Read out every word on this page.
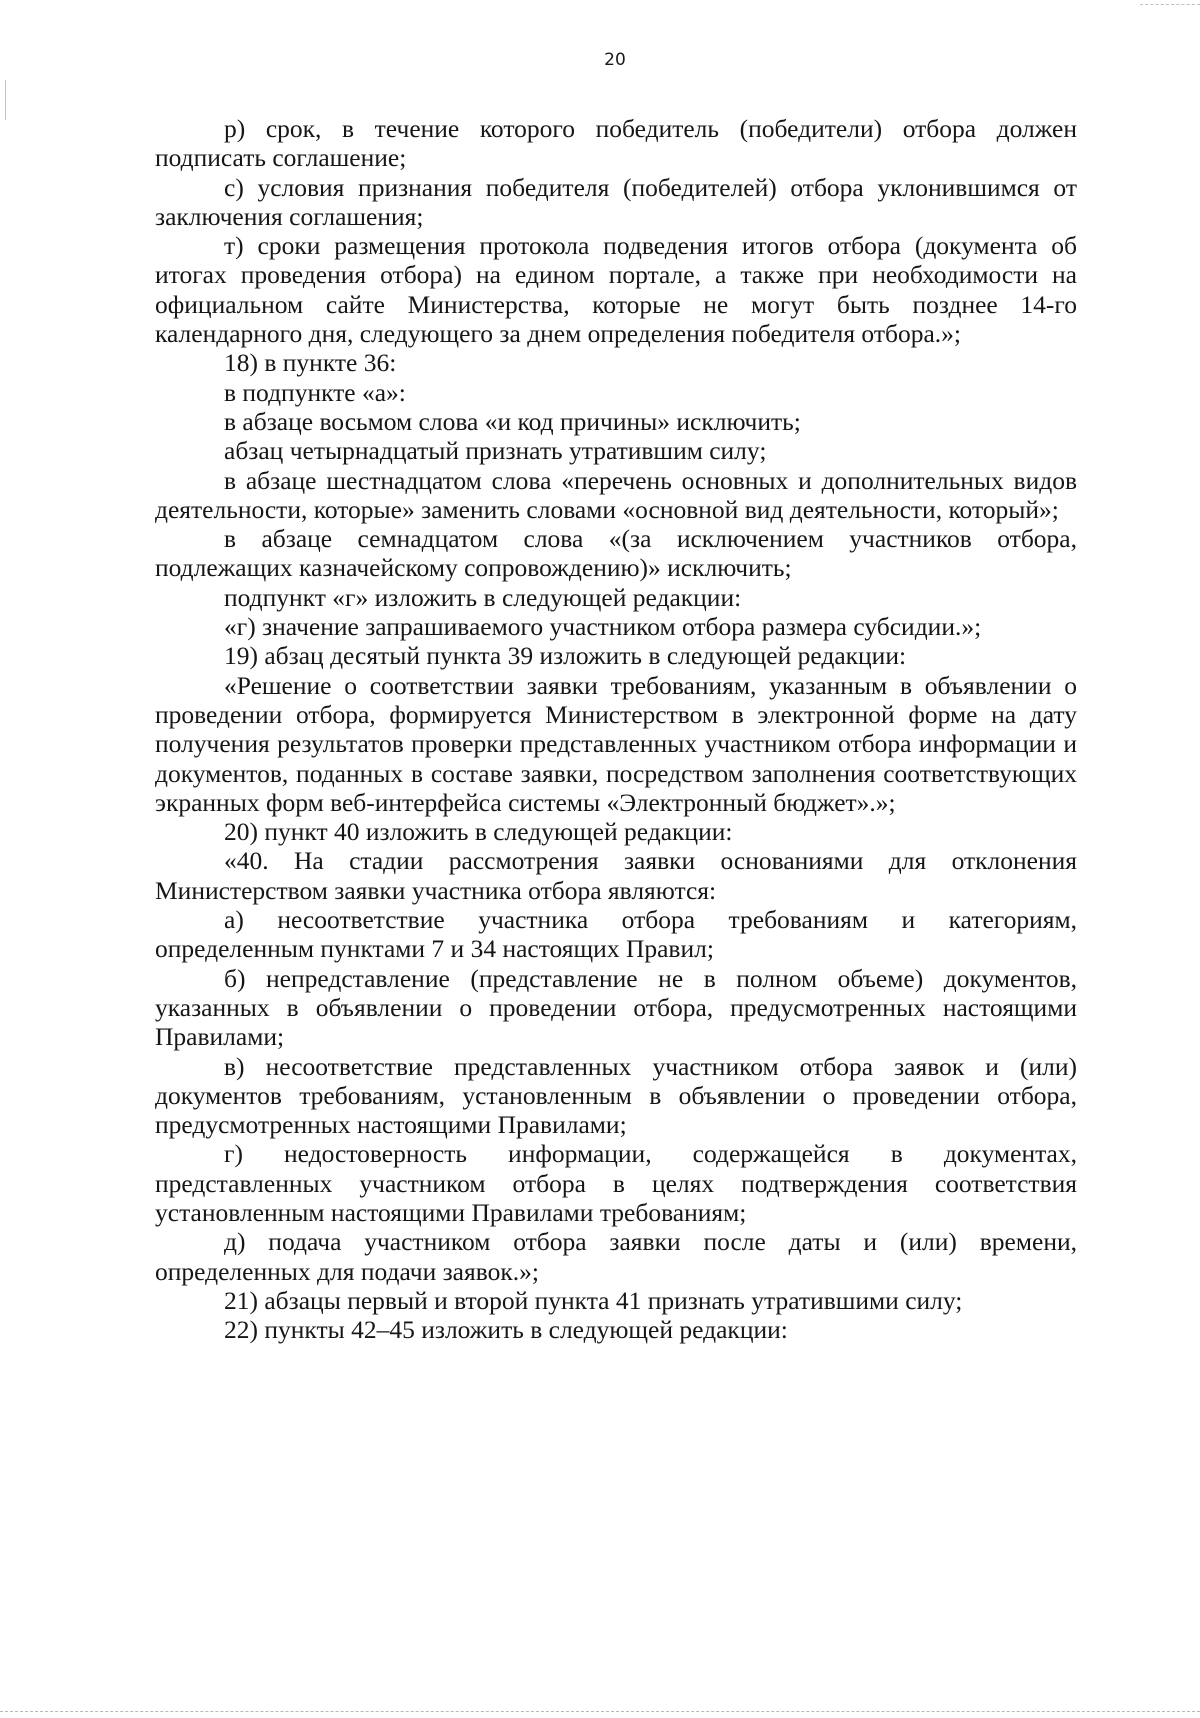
20

р) срок, в течение которого победитель (победители) отбора должен подписать соглашение;

с) условия признания победителя (победителей) отбора уклонившимся от заключения соглашения;

т) сроки размещения протокола подведения итогов отбора (документа об итогах проведения отбора) на едином портале, а также при необходимости на официальном сайте Министерства, которые не могут быть позднее 14-го календарного дня, следующего за днем определения победителя отбора.»;

18) в пункте 36:

в подпункте «а»:

в абзаце восьмом слова «и код причины» исключить;

абзац четырнадцатый признать утратившим силу;

в абзаце шестнадцатом слова «перечень основных и дополнительных видов деятельности, которые» заменить словами «основной вид деятельности, который»;

в абзаце семнадцатом слова «(за исключением участников отбора, подлежащих казначейскому сопровождению)» исключить;

подпункт «г» изложить в следующей редакции:

«г) значение запрашиваемого участником отбора размера субсидии.»;

19) абзац десятый пункта 39 изложить в следующей редакции:

«Решение о соответствии заявки требованиям, указанным в объявлении о проведении отбора, формируется Министерством в электронной форме на дату получения результатов проверки представленных участником отбора информации и документов, поданных в составе заявки, посредством заполнения соответствующих экранных форм веб-интерфейса системы «Электронный бюджет».»;

20) пункт 40 изложить в следующей редакции:

«40. На стадии рассмотрения заявки основаниями для отклонения Министерством заявки участника отбора являются:

а) несоответствие участника отбора требованиям и категориям, определенным пунктами 7 и 34 настоящих Правил;

б) непредставление (представление не в полном объеме) документов, указанных в объявлении о проведении отбора, предусмотренных настоящими Правилами;

в) несоответствие представленных участником отбора заявок и (или) документов требованиям, установленным в объявлении о проведении отбора, предусмотренных настоящими Правилами;

г) недостоверность информации, содержащейся в документах, представленных участником отбора в целях подтверждения соответствия установленным настоящими Правилами требованиям;

д) подача участником отбора заявки после даты и (или) времени, определенных для подачи заявок.»;

21) абзацы первый и второй пункта 41 признать утратившими силу;

22) пункты 42–45 изложить в следующей редакции:
